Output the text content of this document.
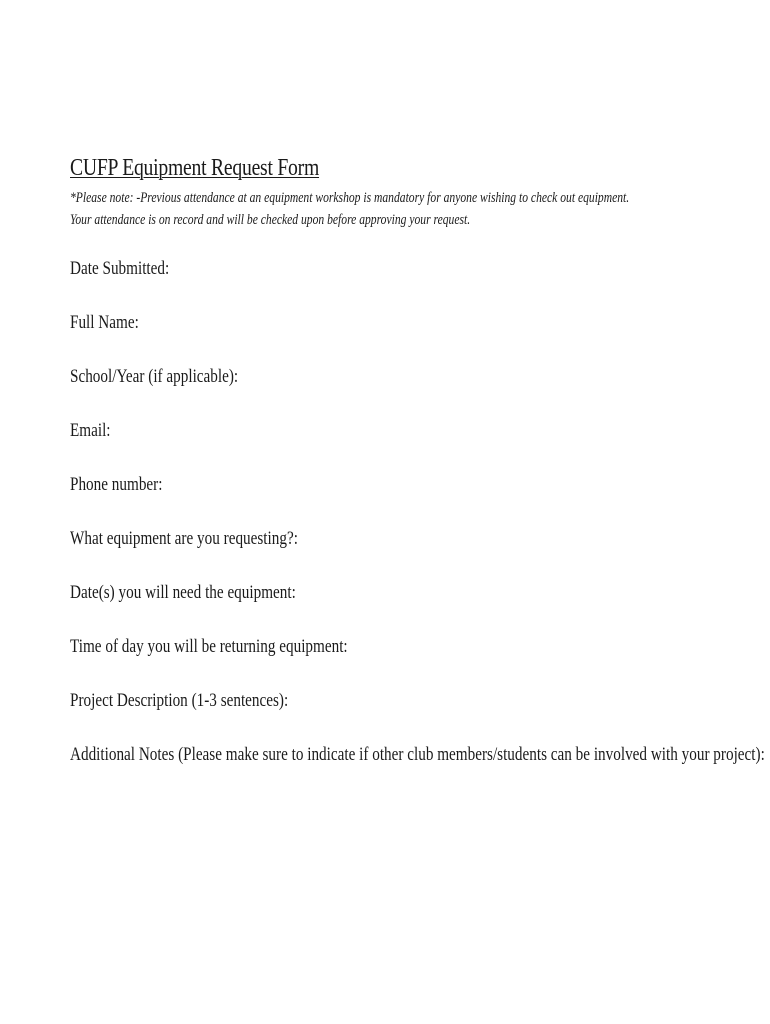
CUFP Equipment Request Form
*Please note: -Previous attendance at an equipment workshop is mandatory for anyone wishing to check out equipment.
Your attendance is on record and will be checked upon before approving your request.
Date Submitted:
Full Name:
School/Year (if applicable):
Email:
Phone number:
What equipment are you requesting?:
Date(s) you will need the equipment:
Time of day you will be returning equipment:
Project Description (1-3 sentences):
Additional Notes (Please make sure to indicate if other club members/students can be involved with your project):
